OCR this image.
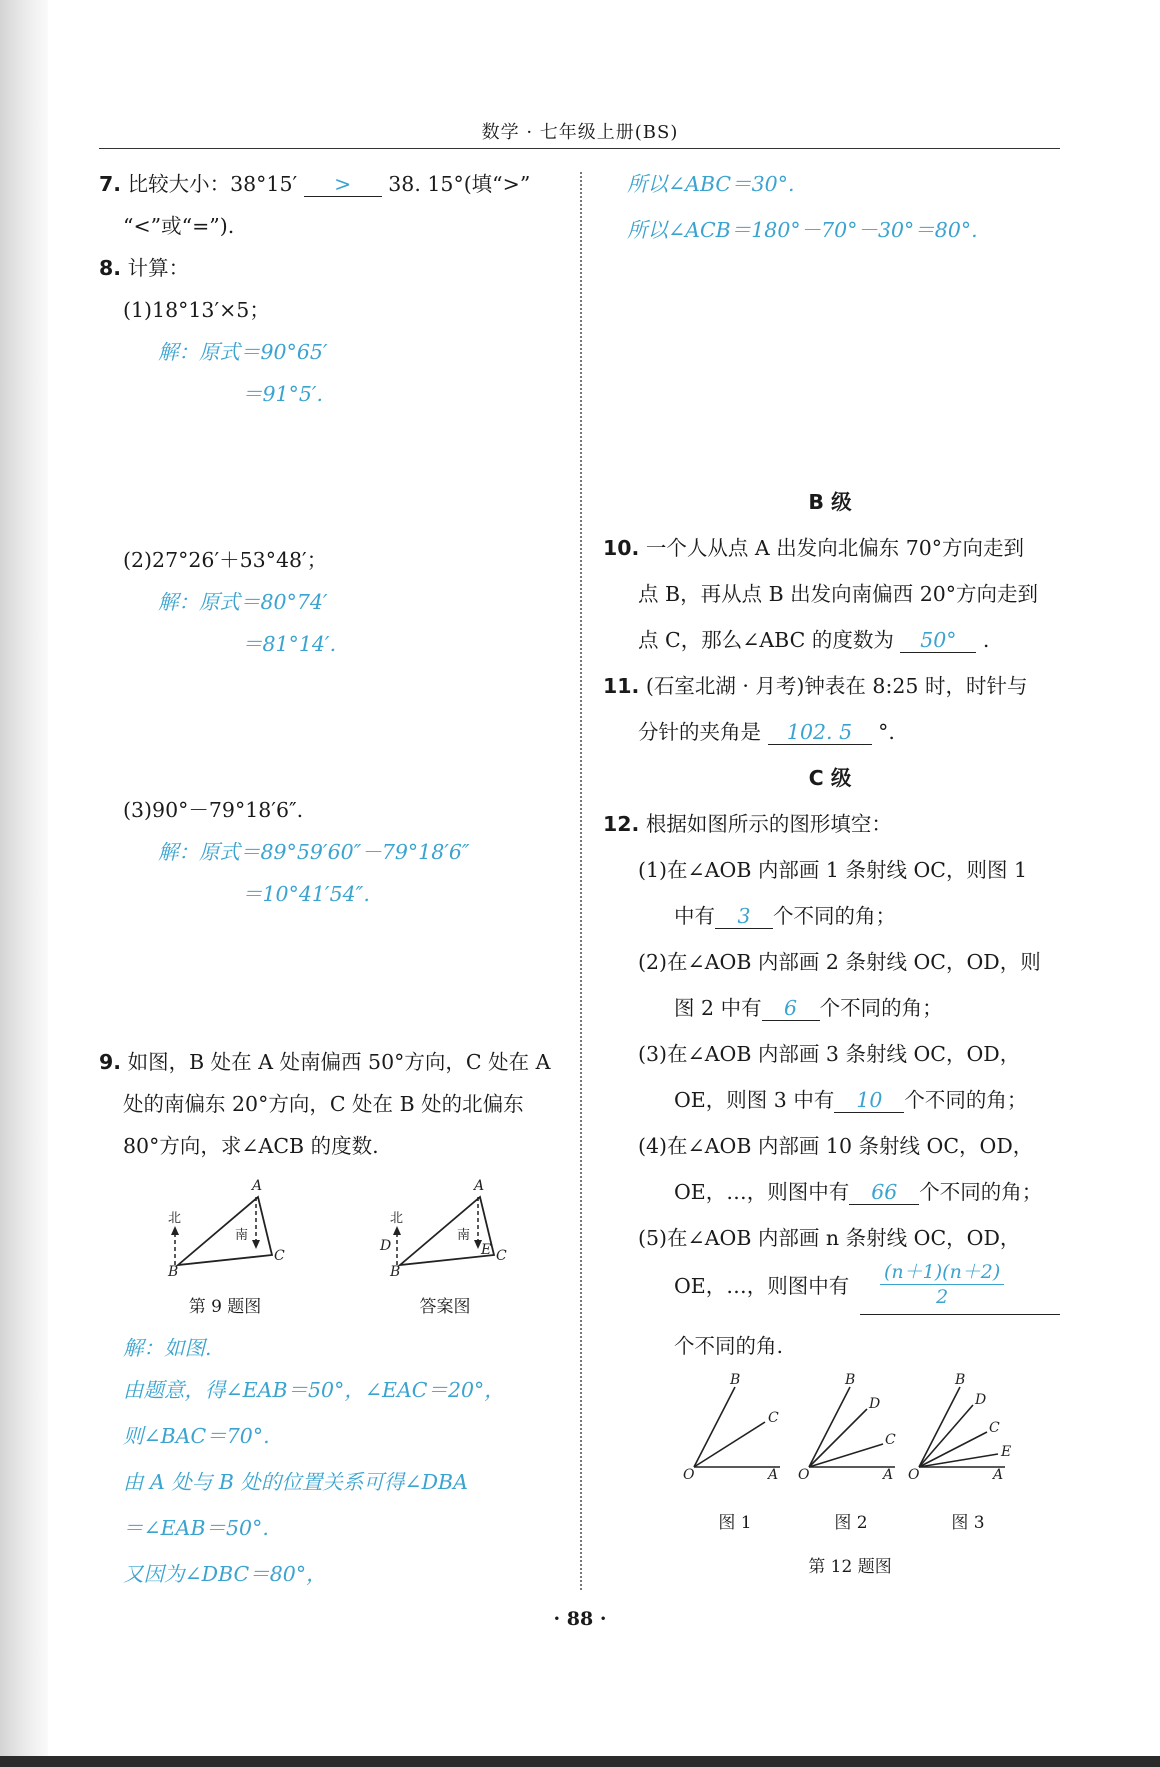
数学 · 七年级上册(BS)
7. 比较大小：38°15′ > 38. 15°(填“>”
“<”或“=”).
8. 计算：
(1)18°13′×5；
解：原式＝90°65′
＝91°5′.
(2)27°26′＋53°48′；
解：原式＝80°74′
＝81°14′.
(3)90°－79°18′6″.
解：原式＝89°59′60″－79°18′6″
＝10°41′54″.
9. 如图，B 处在 A 处南偏西 50°方向，C 处在 A
处的南偏东 20°方向，C 处在 B 处的北偏东
80°方向，求∠ACB 的度数.
北
南
A
B
C
第 9 题图
北
南
A
B
C
D	E
答案图
解：如图.
由题意，得∠EAB＝50°，∠EAC＝20°，
则∠BAC＝70°.
由 A 处与 B 处的位置关系可得∠DBA
＝∠EAB＝50°.
又因为∠DBC＝80°，
所以∠ABC＝30°.
所以∠ACB＝180°－70°－30°＝80°.
B 级
10. 一个人从点 A 出发向北偏东 70°方向走到
点 B，再从点 B 出发向南偏西 20°方向走到
点 C，那么∠ABC 的度数为 50° .
11. (石室北湖 · 月考)钟表在 8:25 时，时针与
分针的夹角是 102. 5 °.
C 级
12. 根据如图所示的图形填空：
(1)在∠AOB 内部画 1 条射线 OC，则图 1
中有 3 个不同的角；
(2)在∠AOB 内部画 2 条射线 OC，OD，则
图 2 中有 6 个不同的角；
(3)在∠AOB 内部画 3 条射线 OC，OD，
OE，则图 3 中有 10 个不同的角；
(4)在∠AOB 内部画 10 条射线 OC，OD，
OE，…，则图中有 66 个不同的角；
(5)在∠AOB 内部画 n 条射线 OC，OD，
OE，…，则图中有 $\frac{(n+1)(n+2)}{2}$
个不同的角.
O	A
B
C
O	A
B
D
C
O	A
B
D
C
E
图 1	图 2	图 3
第 12 题图
· 88 ·
